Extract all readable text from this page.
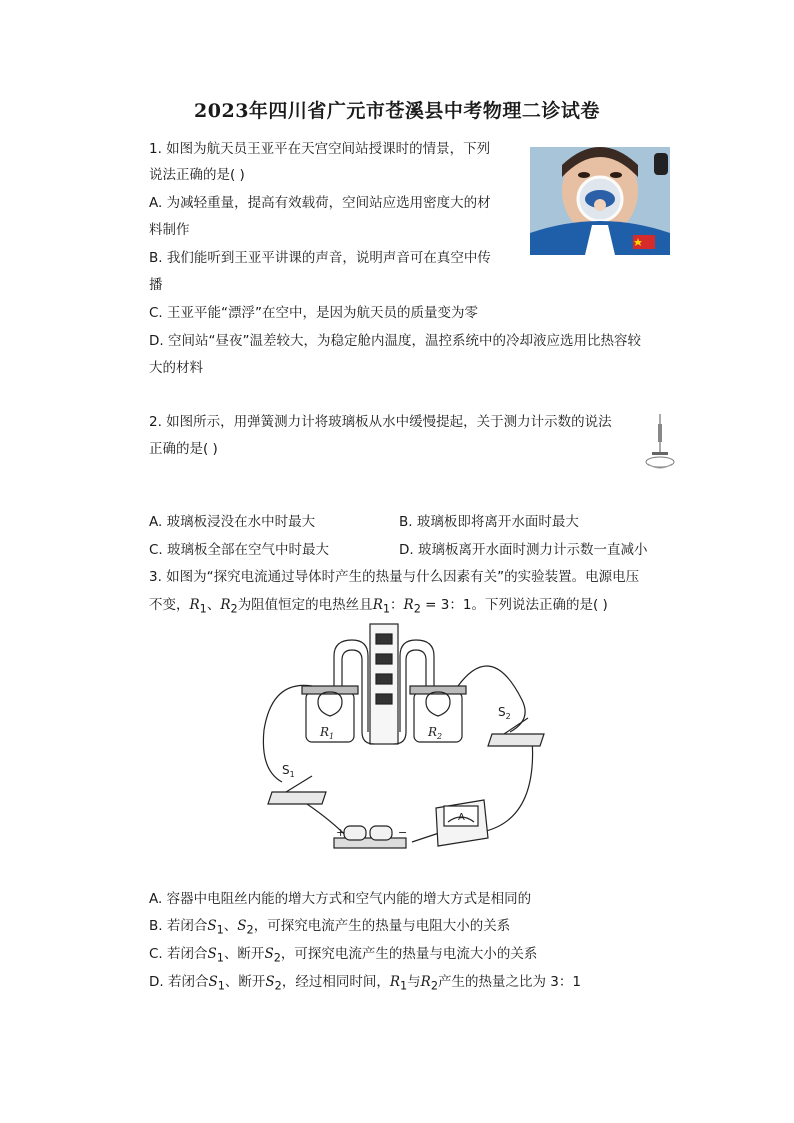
2023年四川省广元市苍溪县中考物理二诊试卷
1. 如图为航天员王亚平在天宫空间站授课时的情景，下列
说法正确的是( )
A. 为减轻重量，提高有效载荷，空间站应选用密度大的材
料制作
B. 我们能听到王亚平讲课的声音，说明声音可在真空中传
播
C. 王亚平能“漂浮”在空中，是因为航天员的质量变为零
D. 空间站“昼夜”温差较大，为稳定舱内温度，温控系统中的冷却液应选用比热容较
大的材料
2. 如图所示，用弹簧测力计将玻璃板从水中缓慢提起，关于测力计示数的说法
正确的是( )
A. 玻璃板浸没在水中时最大	B. 玻璃板即将离开水面时最大
C. 玻璃板全部在空气中时最大	D. 玻璃板离开水面时测力计示数一直减小
3. 如图为“探究电流通过导体时产生的热量与什么因素有关”的实验装置。电源电压
不变，$R_1$、$R_2$为阻值恒定的电热丝且$R_1$：$R_2 = 3$：1。下列说法正确的是( )
$R_1$	$R_2$
$S_1$
$S_2$
A
+	−
A. 容器中电阻丝内能的增大方式和空气内能的增大方式是相同的
B. 若闭合$S_1$、$S_2$，可探究电流产生的热量与电阻大小的关系
C. 若闭合$S_1$、断开$S_2$，可探究电流产生的热量与电流大小的关系
D. 若闭合$S_1$、断开$S_2$，经过相同时间，$R_1$与$R_2$产生的热量之比为 3：1
